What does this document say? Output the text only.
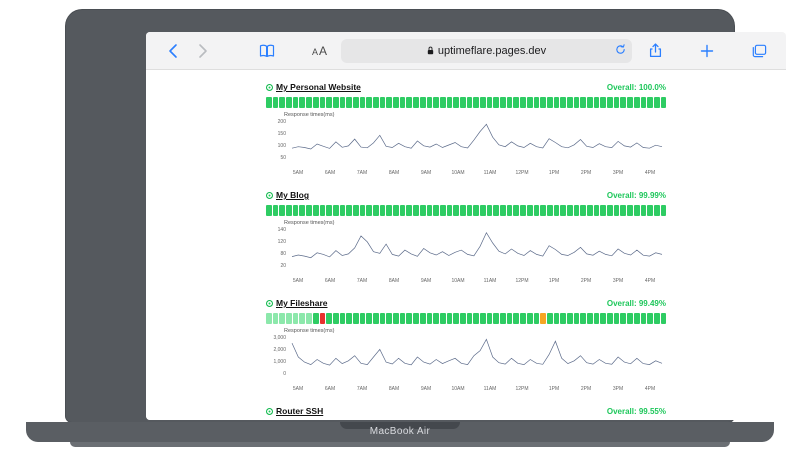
A A	uptimeflare.pages.dev
My Personal Website	Overall: 100.0%
Response times(ms)
200
150
100
50
5AM	6AM	7AM	8AM	9AM	10AM	11AM	12PM	1PM	2PM	3PM	4PM
My Blog	Overall: 99.99%
Response times(ms)
140
120
80
20
5AM	6AM	7AM	8AM	9AM	10AM	11AM	12PM	1PM	2PM	3PM	4PM
My Fileshare	Overall: 99.49%
Response times(ms)
3,000
2,000
1,000
0
5AM	6AM	7AM	8AM	9AM	10AM	11AM	12PM	1PM	2PM	3PM	4PM
Router SSH	Overall: 99.55%
MacBook Air
